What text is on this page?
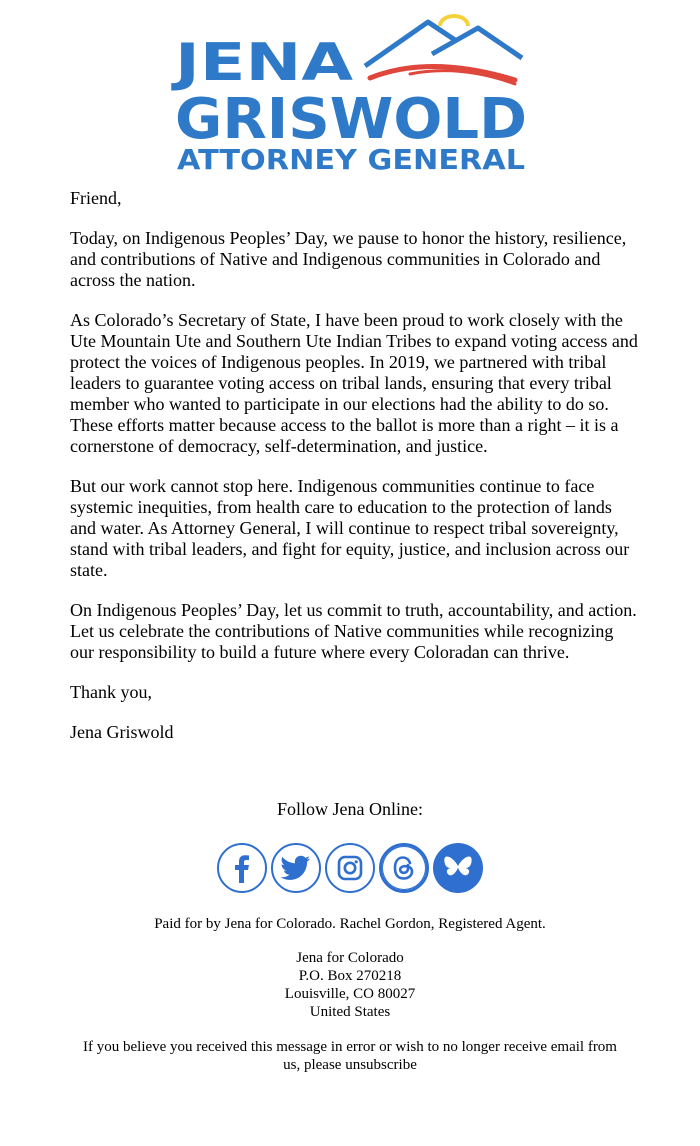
JENA
GRISWOLD
ATTORNEY GENERAL

Friend,

Today, on Indigenous Peoples’ Day, we pause to honor the history, resilience, and contributions of Native and Indigenous communities in Colorado and across the nation.

As Colorado’s Secretary of State, I have been proud to work closely with the Ute Mountain Ute and Southern Ute Indian Tribes to expand voting access and protect the voices of Indigenous peoples. In 2019, we partnered with tribal leaders to guarantee voting access on tribal lands, ensuring that every tribal member who wanted to participate in our elections had the ability to do so. These efforts matter because access to the ballot is more than a right – it is a cornerstone of democracy, self-determination, and justice.

But our work cannot stop here. Indigenous communities continue to face systemic inequities, from health care to education to the protection of lands and water. As Attorney General, I will continue to respect tribal sovereignty, stand with tribal leaders, and fight for equity, justice, and inclusion across our state.

On Indigenous Peoples’ Day, let us commit to truth, accountability, and action. Let us celebrate the contributions of Native communities while recognizing our responsibility to build a future where every Coloradan can thrive.

Thank you,

Jena Griswold

Follow Jena Online:
Paid for by Jena for Colorado. Rachel Gordon, Registered Agent.
Jena for Colorado
P.O. Box 270218
Louisville, CO 80027
United States
If you believe you received this message in error or wish to no longer receive email from us, please unsubscribe
